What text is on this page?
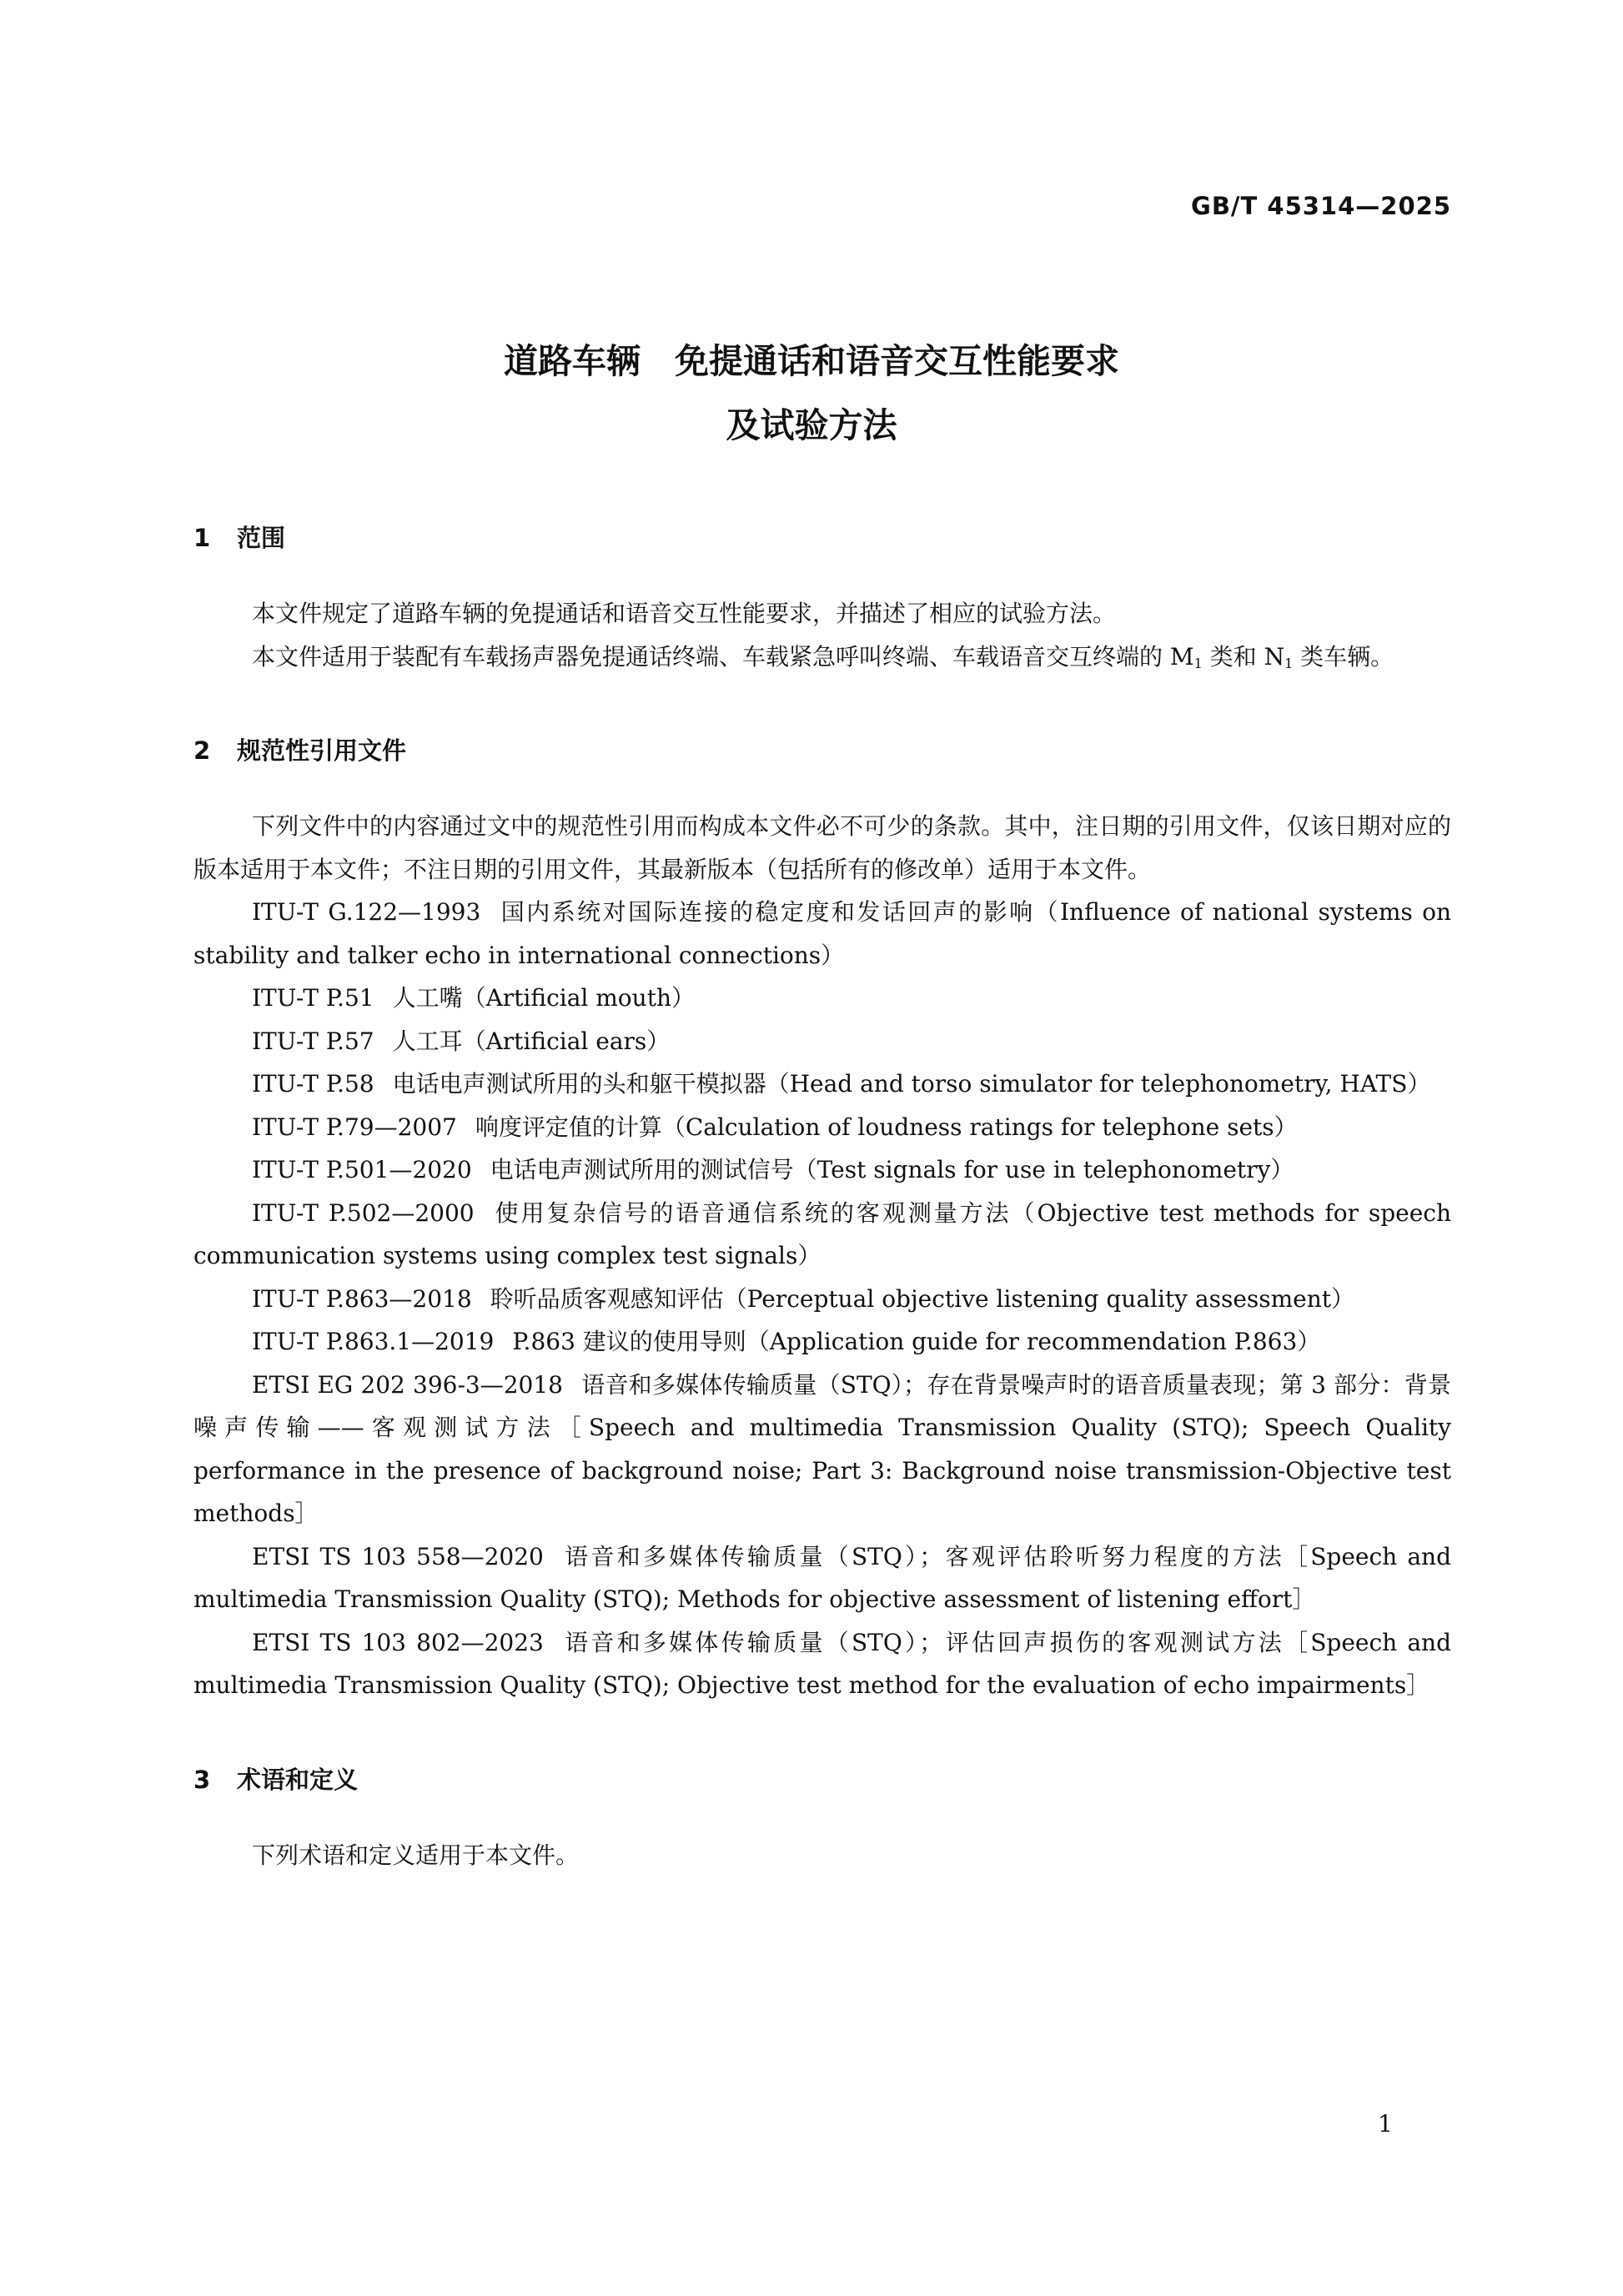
GB/T 45314—2025
道路车辆　免提通话和语音交互性能要求
及试验方法
1 范围

本文件规定了道路车辆的免提通话和语音交互性能要求，并描述了相应的试验方法。

本文件适用于装配有车载扬声器免提通话终端、车载紧急呼叫终端、车载语音交互终端的 $M_1$ 类和 $N_1$ 类车辆。

2 规范性引用文件

下列文件中的内容通过文中的规范性引用而构成本文件必不可少的条款。其中，注日期的引用文件，仅该日期对应的版本适用于本文件；不注日期的引用文件，其最新版本（包括所有的修改单）适用于本文件。

ITU-T G.122—1993 国内系统对国际连接的稳定度和发话回声的影响（Influence of national systems on stability and talker echo in international connections）

ITU-T P.51 人工嘴（Artificial mouth）

ITU-T P.57 人工耳（Artificial ears）

ITU-T P.58 电话电声测试所用的头和躯干模拟器（Head and torso simulator for telephonometry, HATS）

ITU-T P.79—2007 响度评定值的计算（Calculation of loudness ratings for telephone sets）

ITU-T P.501—2020 电话电声测试所用的测试信号（Test signals for use in telephonometry）

ITU-T P.502—2000 使用复杂信号的语音通信系统的客观测量方法（Objective test methods for speech communication systems using complex test signals）

ITU-T P.863—2018 聆听品质客观感知评估（Perceptual objective listening quality assessment）

ITU-T P.863.1—2019 P.863 建议的使用导则（Application guide for recommendation P.863）

ETSI EG 202 396-3—2018 语音和多媒体传输质量（STQ）；存在背景噪声时的语音质量表现；第 3 部分：背景噪声传输——客观测试方法［Speech and multimedia Transmission Quality (STQ); Speech Quality performance in the presence of background noise; Part 3: Background noise transmission-Objective test methods］

ETSI TS 103 558—2020 语音和多媒体传输质量（STQ）；客观评估聆听努力程度的方法［Speech and multimedia Transmission Quality (STQ); Methods for objective assessment of listening effort］

ETSI TS 103 802—2023 语音和多媒体传输质量（STQ）；评估回声损伤的客观测试方法［Speech and multimedia Transmission Quality (STQ); Objective test method for the evaluation of echo impairments］

3 术语和定义

下列术语和定义适用于本文件。

1
